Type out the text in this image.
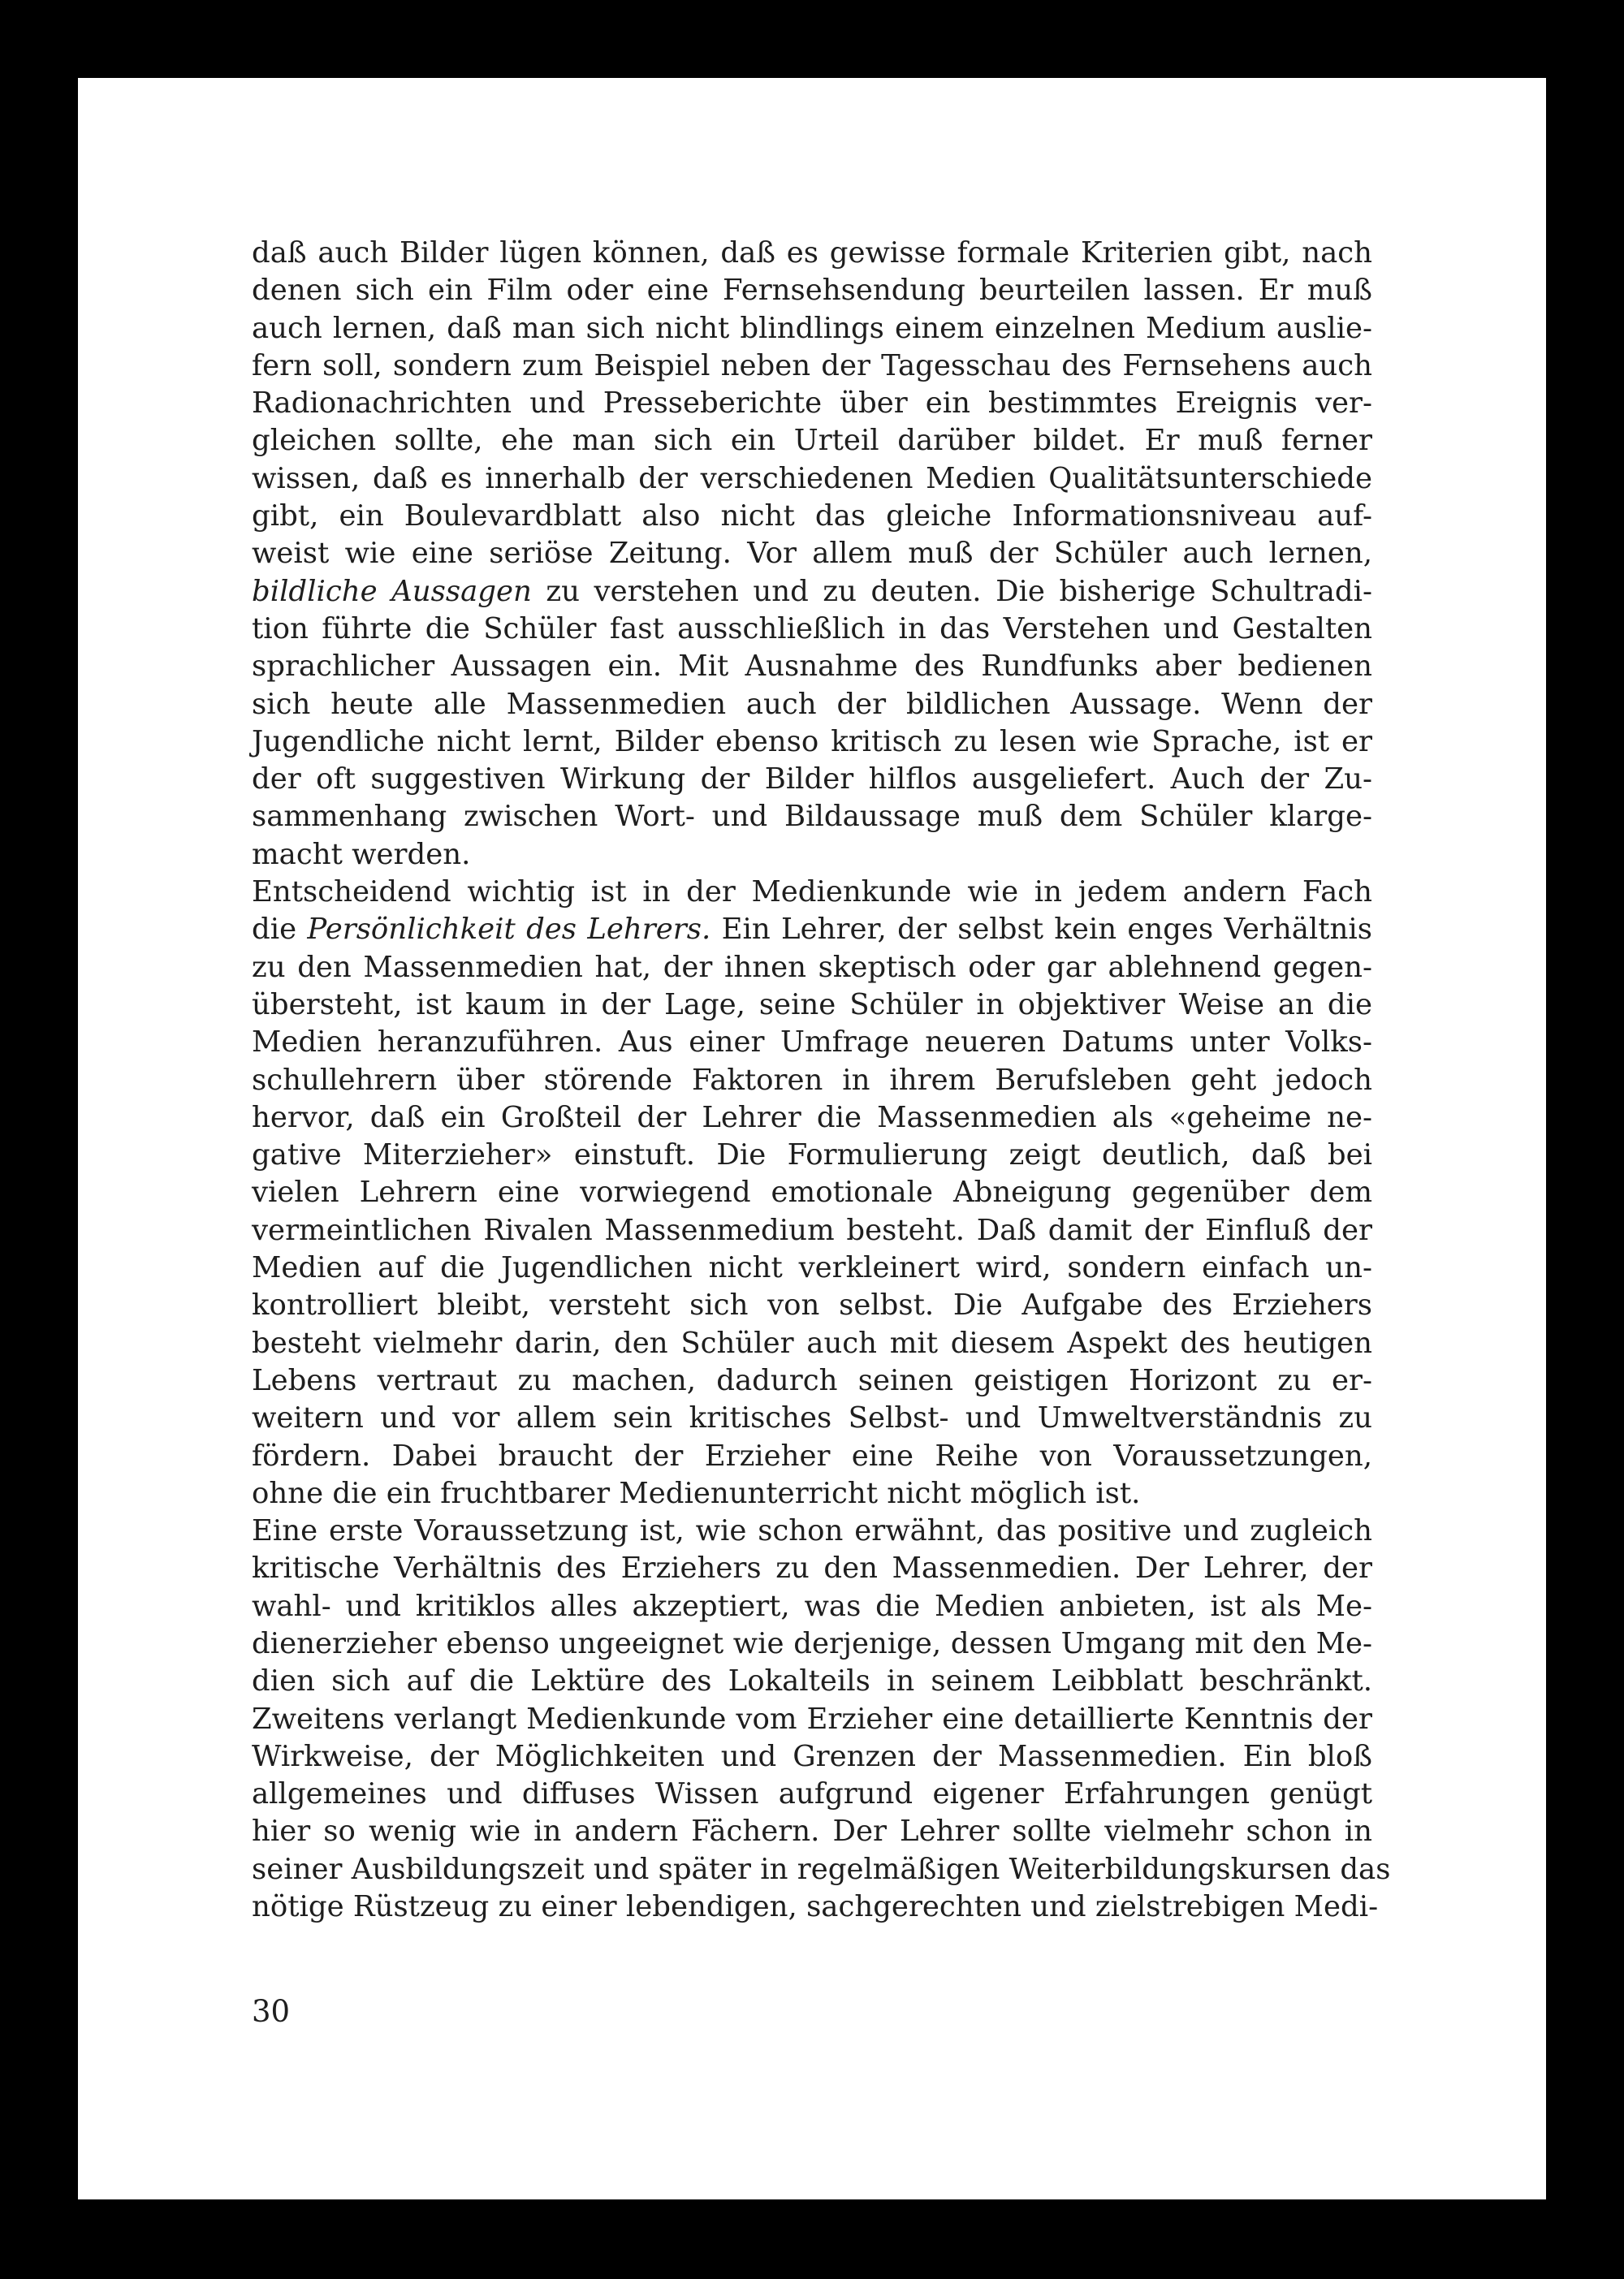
daß auch Bilder lügen können, daß es gewisse formale Kriterien gibt, nach
denen sich ein Film oder eine Fernsehsendung beurteilen lassen. Er muß
auch lernen, daß man sich nicht blindlings einem einzelnen Medium auslie-
fern soll, sondern zum Beispiel neben der Tagesschau des Fernsehens auch
Radionachrichten und Presseberichte über ein bestimmtes Ereignis ver-
gleichen sollte, ehe man sich ein Urteil darüber bildet. Er muß ferner
wissen, daß es innerhalb der verschiedenen Medien Qualitätsunterschiede
gibt, ein Boulevardblatt also nicht das gleiche Informationsniveau auf-
weist wie eine seriöse Zeitung. Vor allem muß der Schüler auch lernen,
bildliche Aussagen zu verstehen und zu deuten. Die bisherige Schultradi-
tion führte die Schüler fast ausschließlich in das Verstehen und Gestalten
sprachlicher Aussagen ein. Mit Ausnahme des Rundfunks aber bedienen
sich heute alle Massenmedien auch der bildlichen Aussage. Wenn der
Jugendliche nicht lernt, Bilder ebenso kritisch zu lesen wie Sprache, ist er
der oft suggestiven Wirkung der Bilder hilflos ausgeliefert. Auch der Zu-
sammenhang zwischen Wort- und Bildaussage muß dem Schüler klarge-
macht werden.
Entscheidend wichtig ist in der Medienkunde wie in jedem andern Fach
die Persönlichkeit des Lehrers. Ein Lehrer, der selbst kein enges Verhältnis
zu den Massenmedien hat, der ihnen skeptisch oder gar ablehnend gegen-
übersteht, ist kaum in der Lage, seine Schüler in objektiver Weise an die
Medien heranzuführen. Aus einer Umfrage neueren Datums unter Volks-
schullehrern über störende Faktoren in ihrem Berufsleben geht jedoch
hervor, daß ein Großteil der Lehrer die Massenmedien als «geheime ne-
gative Miterzieher» einstuft. Die Formulierung zeigt deutlich, daß bei
vielen Lehrern eine vorwiegend emotionale Abneigung gegenüber dem
vermeintlichen Rivalen Massenmedium besteht. Daß damit der Einfluß der
Medien auf die Jugendlichen nicht verkleinert wird, sondern einfach un-
kontrolliert bleibt, versteht sich von selbst. Die Aufgabe des Erziehers
besteht vielmehr darin, den Schüler auch mit diesem Aspekt des heutigen
Lebens vertraut zu machen, dadurch seinen geistigen Horizont zu er-
weitern und vor allem sein kritisches Selbst- und Umweltverständnis zu
fördern. Dabei braucht der Erzieher eine Reihe von Voraussetzungen,
ohne die ein fruchtbarer Medienunterricht nicht möglich ist.
Eine erste Voraussetzung ist, wie schon erwähnt, das positive und zugleich
kritische Verhältnis des Erziehers zu den Massenmedien. Der Lehrer, der
wahl- und kritiklos alles akzeptiert, was die Medien anbieten, ist als Me-
dienerzieher ebenso ungeeignet wie derjenige, dessen Umgang mit den Me-
dien sich auf die Lektüre des Lokalteils in seinem Leibblatt beschränkt.
Zweitens verlangt Medienkunde vom Erzieher eine detaillierte Kenntnis der
Wirkweise, der Möglichkeiten und Grenzen der Massenmedien. Ein bloß
allgemeines und diffuses Wissen aufgrund eigener Erfahrungen genügt
hier so wenig wie in andern Fächern. Der Lehrer sollte vielmehr schon in
seiner Ausbildungszeit und später in regelmäßigen Weiterbildungskursen das
nötige Rüstzeug zu einer lebendigen, sachgerechten und zielstrebigen Medi-
30
